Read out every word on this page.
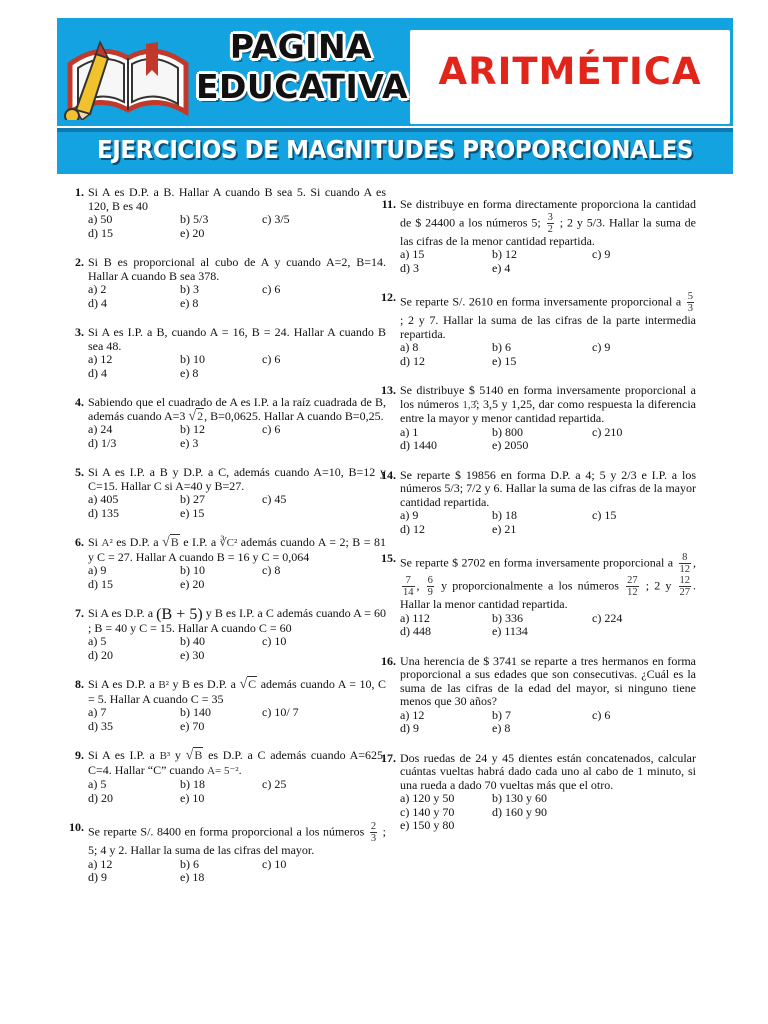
PAGINA
EDUCATIVA ARITMÉTICA
EJERCICIOS DE MAGNITUDES PROPORCIONALES
1. Si A es D.P. a B. Hallar A cuando B sea 5. Si cuando A es 120, B es 40
a) 50	b) 5/3	c) 3/5
d) 15	e) 20
2. Si B es proporcional al cubo de A y cuando A=2, B=14. Hallar A cuando B sea 378.
a) 2	b) 3	c) 6
d) 4	e) 8
3. Si A es I.P. a B, cuando A = 16, B = 24. Hallar A cuando B sea 48.
a) 12	b) 10	c) 6
d) 4	e) 8
4. Sabiendo que el cuadrado de A es I.P. a la raíz cuadrada de B, además cuando A=3 √2, B=0,0625. Hallar A cuando B=0,25.
a) 24	b) 12	c) 6
d) 1/3	e) 3
5. Si A es I.P. a B y D.P. a C, además cuando A=10, B=12 y C=15. Hallar C si A=40 y B=27.
a) 405	b) 27	c) 45
d) 135	e) 15
6. Si A² es D.P. a √B e I.P. a ∛C² además cuando A = 2; B = 81 y C = 27. Hallar A cuando B = 16 y C = 0,064
a) 9	b) 10	c) 8
d) 15	e) 20
7. Si A es D.P. a (B + 5) y B es I.P. a C además cuando A = 60 ; B = 40 y C = 15. Hallar A cuando C = 60
a) 5	b) 40	c) 10
d) 20	e) 30
8. Si A es D.P. a B² y B es D.P. a √C además cuando A = 10, C = 5. Hallar A cuando C = 35
a) 7	b) 140	c) 10/ 7
d) 35	e) 70
9. Si A es I.P. a B³ y √B es D.P. a C además cuando A=625, C=4. Hallar “C” cuando A= 5⁻².
a) 5	b) 18	c) 25
d) 20	e) 10
10. Se reparte S/. 8400 en forma proporcional a los números $\frac{2}{3}$ ; 5; 4 y 2. Hallar la suma de las cifras del mayor.
a) 12	b) 6	c) 10
d) 9	e) 18
11. Se distribuye en forma directamente proporciona la cantidad de $ 24400 a los números 5; $\frac{3}{2}$ ; 2 y 5/3. Hallar la suma de las cifras de la menor cantidad repartida.
a) 15	b) 12	c) 9
d) 3	e) 4
12. Se reparte S/. 2610 en forma inversamente proporcional a $\frac{5}{3}$
; 2 y 7. Hallar la suma de las cifras de la parte intermedia repartida.
a) 8	b) 6	c) 9
d) 12	e) 15
13. Se distribuye $ 5140 en forma inversamente proporcional a los números 1,3̂; 3,5 y 1,25, dar como respuesta la diferencia entre la mayor y menor cantidad repartida.
a) 1	b) 800	c) 210
d) 1440	e) 2050
14. Se reparte $ 19856 en forma D.P. a 4; 5 y 2/3 e I.P. a los números 5/3; 7/2 y 6. Hallar la suma de las cifras de la mayor cantidad repartida.
a) 9	b) 18	c) 15
d) 12	e) 21
15. Se reparte $ 2702 en forma inversamente proporcional a $\frac{8}{12}$ ,
$\frac{7}{14}$ , $\frac{6}{9}$ y proporcionalmente a los números $\frac{27}{12}$ ; 2 y $\frac{12}{27}$ . Hallar la menor cantidad repartida.
a) 112	b) 336	c) 224
d) 448	e) 1134
16. Una herencia de $ 3741 se reparte a tres hermanos en forma proporcional a sus edades que son consecutivas. ¿Cuál es la suma de las cifras de la edad del mayor, si ninguno tiene menos que 30 años?
a) 12	b) 7	c) 6
d) 9	e) 8
17. Dos ruedas de 24 y 45 dientes están concatenados, calcular cuántas vueltas habrá dado cada uno al cabo de 1 minuto, si una rueda a dado 70 vueltas más que el otro.
a) 120 y 50	b) 130 y 60
c) 140 y 70	d) 160 y 90
e) 150 y 80
